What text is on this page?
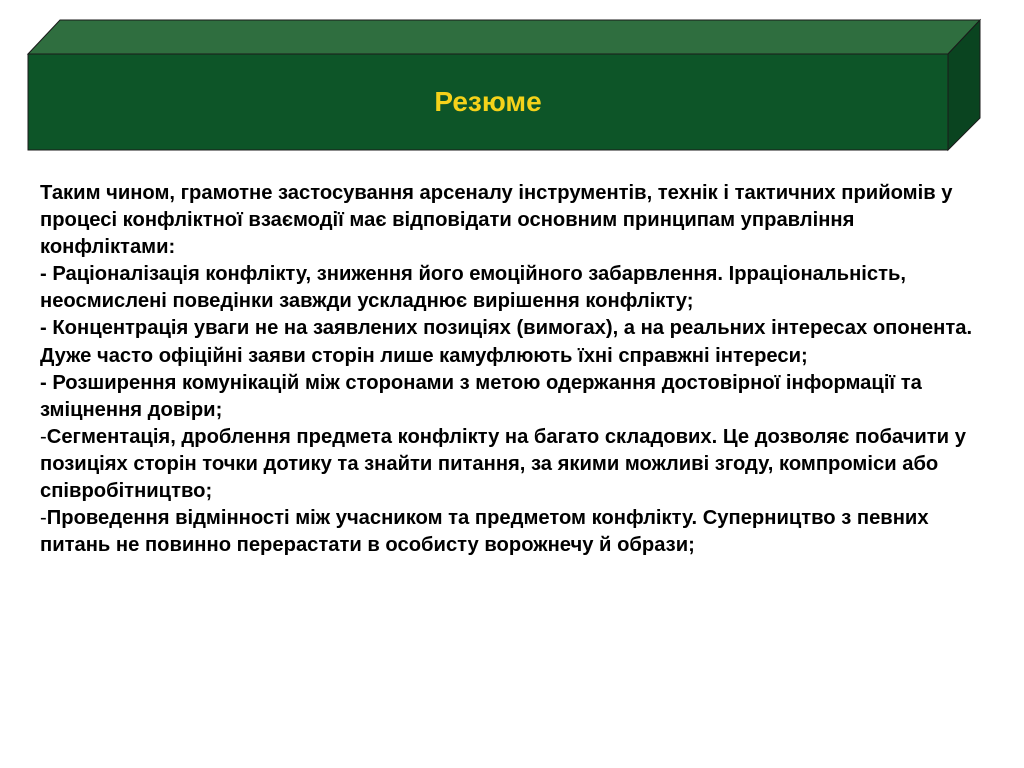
Резюме

Таким чином, грамотне застосування арсеналу інструментів, технік і тактичних прийомів у процесі конфліктної взаємодії має відповідати основним принципам управління конфліктами:

- Раціоналізація конфлікту, зниження його емоційного забарвлення. Ірраціональність, неосмислені поведінки завжди ускладнює вирішення конфлікту;

- Концентрація уваги не на заявлених позиціях (вимогах), а на реальних інтересах опонента. Дуже часто офіційні заяви сторін лише камуфлюють їхні справжні інтереси;

- Розширення комунікацій між сторонами з метою одержання достовірної інформації та зміцнення довіри;

-Сегментація, дроблення предмета конфлікту на багато складових. Це дозволяє побачити у позиціях сторін точки дотику та знайти питання, за якими можливі згоду, компроміси або співробітництво;

-Проведення відмінності між учасником та предметом конфлікту. Суперництво з певних питань не повинно перерастати в особисту ворожнечу й образи;
